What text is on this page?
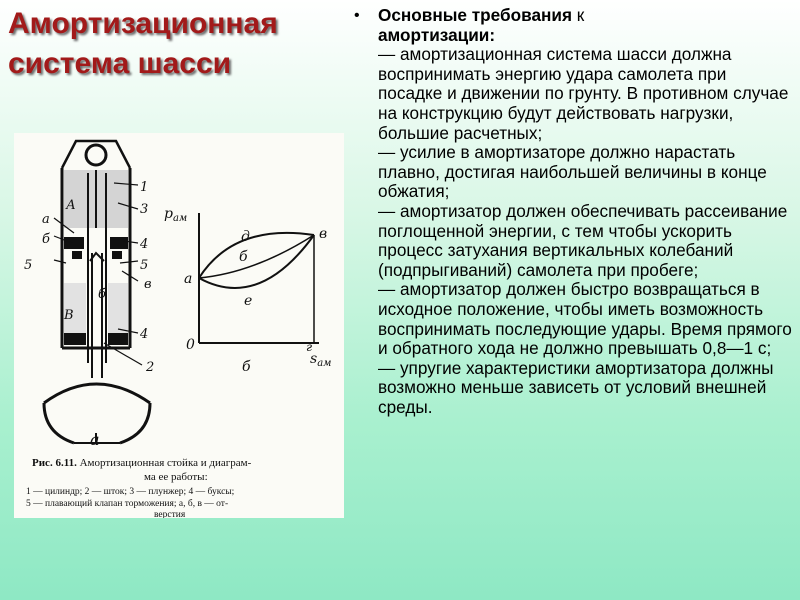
Амортизационная
система шасси
А
1
3
а
б
5
4
5
в
б
В
4
2
а
$p_{ам}$
а
в
д
б
е
0	г
$s_{ам}$
б
Рис. 6.11. Амортизационная стойка и диаграм-
ма ее работы:
1 — цилиндр; 2 — шток; 3 — плунжер; 4 — буксы;
5 — плавающий клапан торможения; а, б, в — от-
верстия
• Основные требования к
амортизации:

— амортизационная система шасси должна воспринимать энергию удара самолета при посадке и движении по грунту. В противном случае на конструкцию будут действовать нагрузки, большие расчетных;

— усилие в амортизаторе должно нарастать плавно, достигая наибольшей величины в конце обжатия;

— амортизатор должен обеспечивать рассеивание поглощенной энергии, с тем чтобы ускорить процесс затухания вертикальных колебаний (подпрыгиваний) самолета при пробеге;

— амортизатор должен быстро возвращаться в исходное положение, чтобы иметь возможность воспринимать последующие удары. Время прямого и обратного хода не должно превышать 0,8—1 с;

— упругие характеристики амортизатора должны возможно меньше зависеть от условий внешней среды.
